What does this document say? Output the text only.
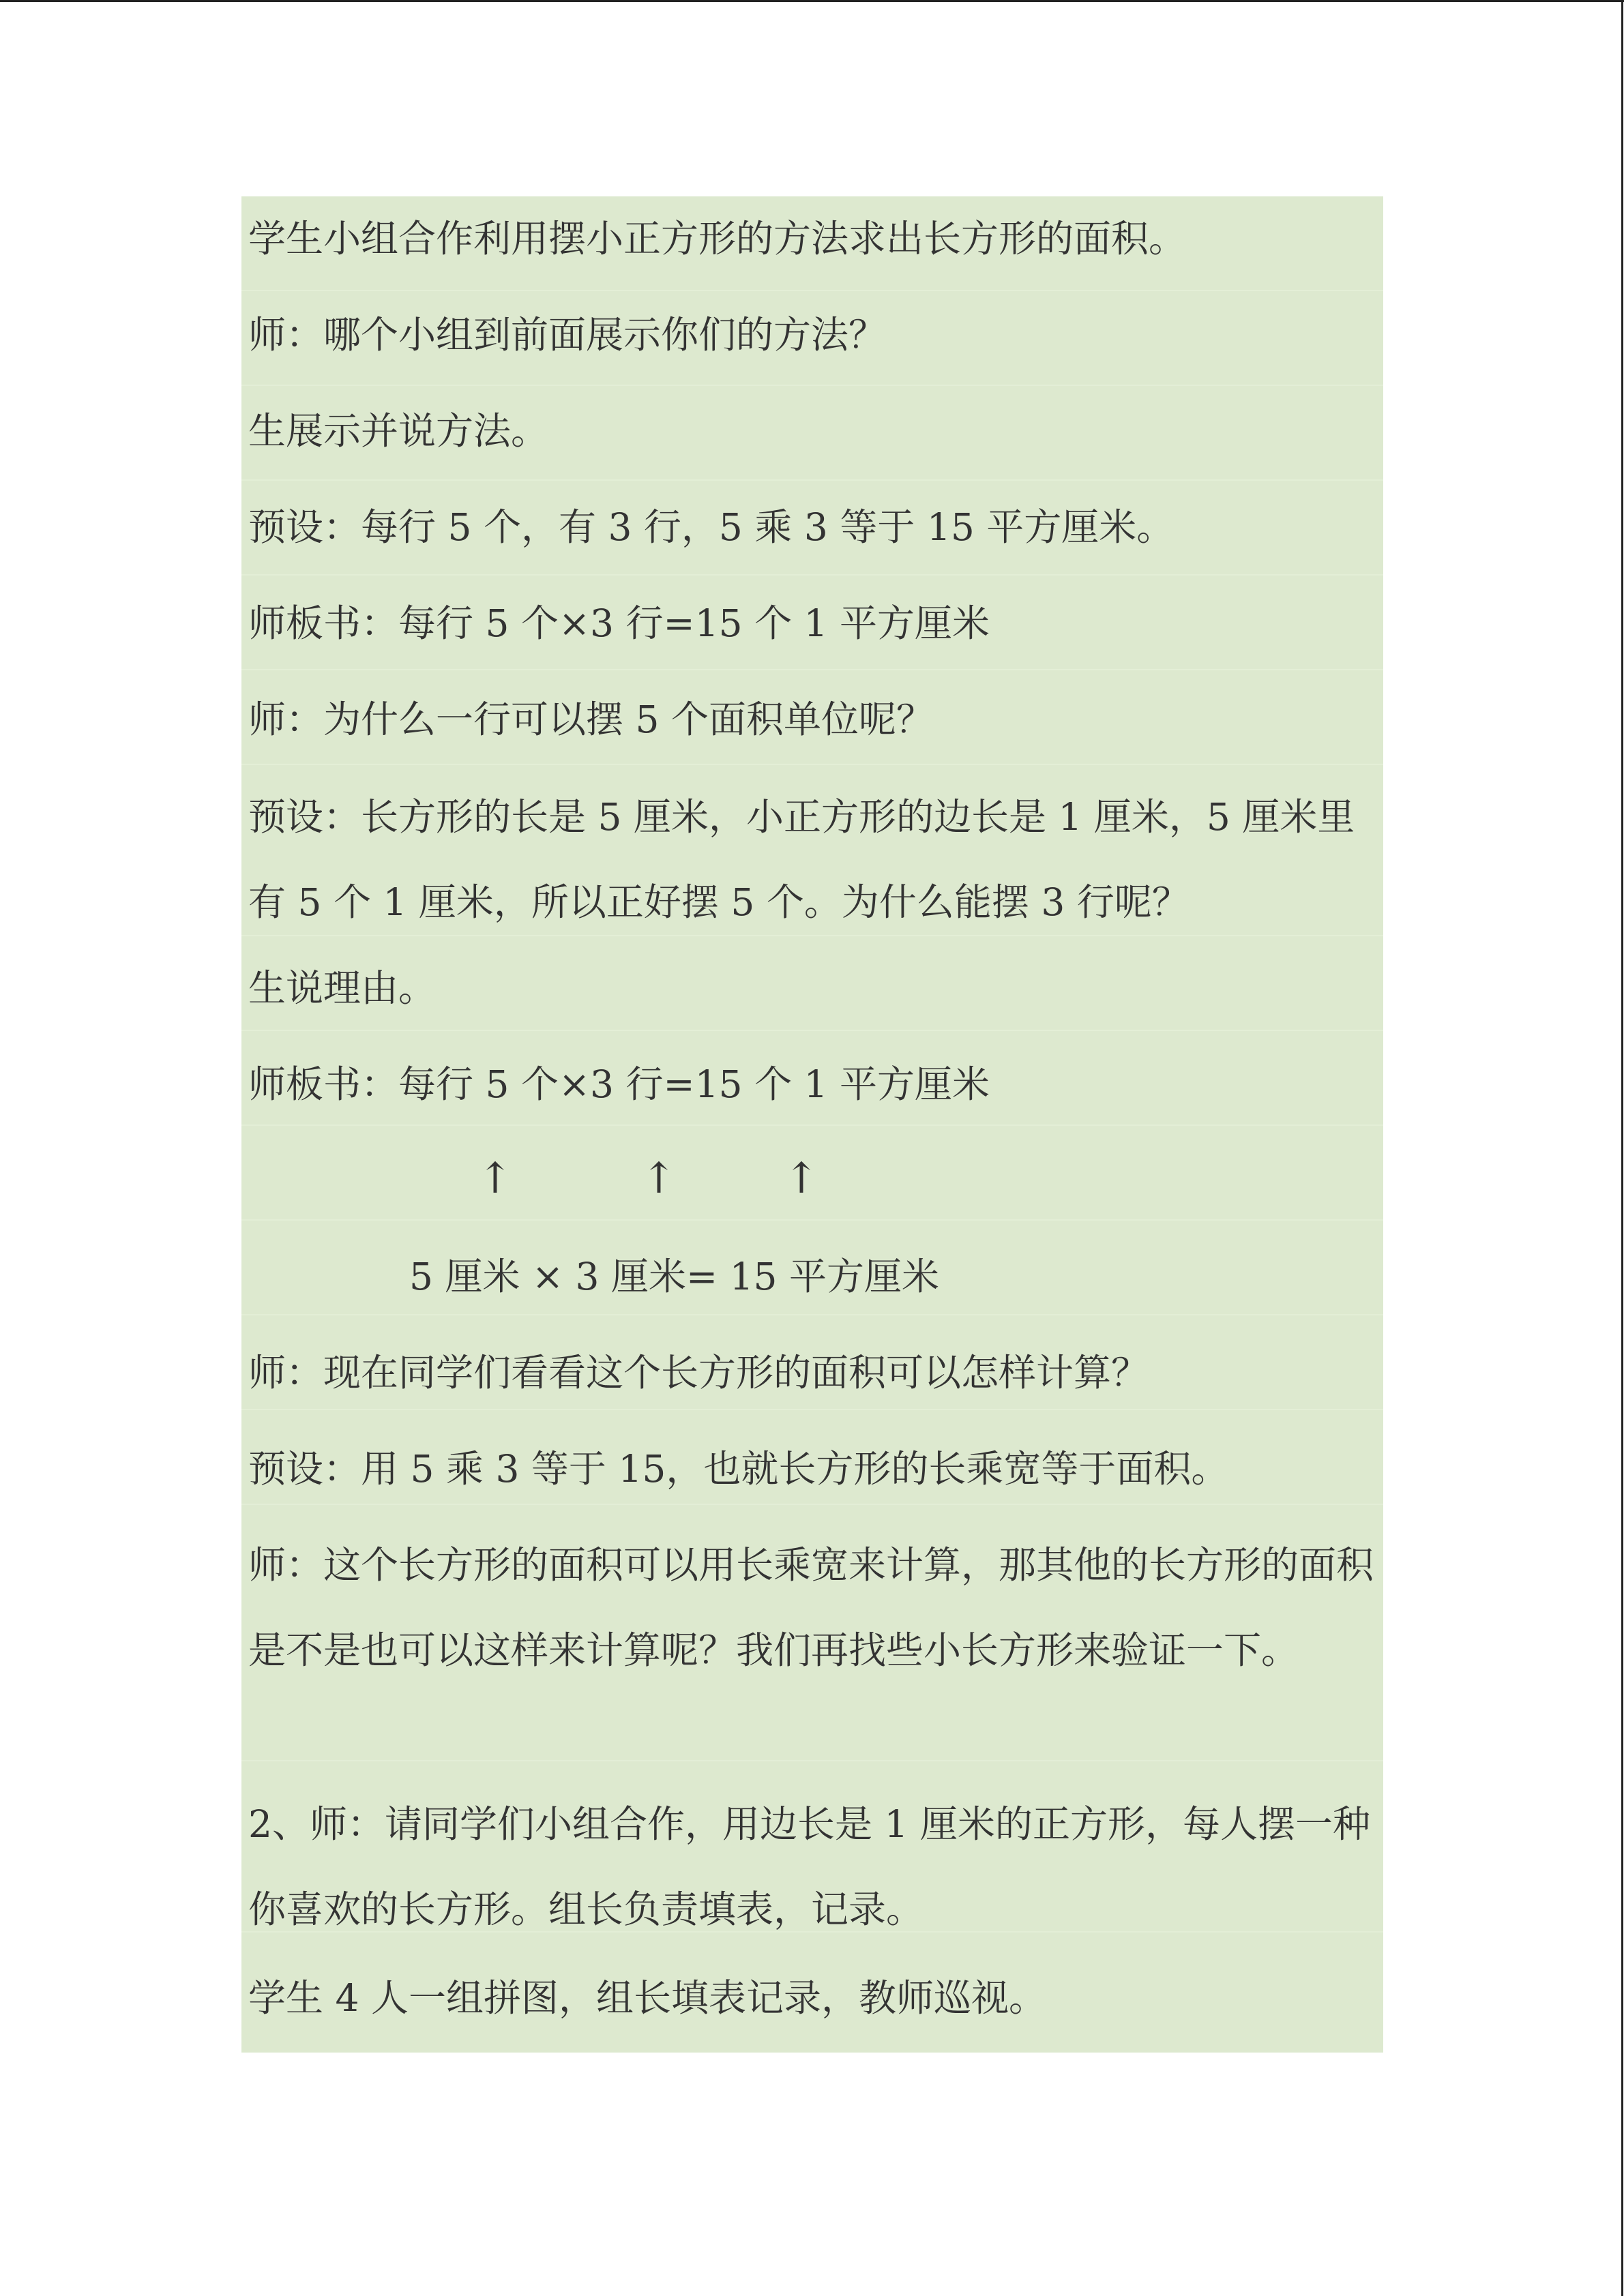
学生小组合作利用摆小正方形的方法求出长方形的面积。
师：哪个小组到前面展示你们的方法？
生展示并说方法。
预设：每行 5 个，有 3 行，5 乘 3 等于 15 平方厘米。
师板书：每行 5 个×3 行=15 个 1 平方厘米
师：为什么一行可以摆 5 个面积单位呢？
预设：长方形的长是 5 厘米，小正方形的边长是 1 厘米，5 厘米里有 5 个 1 厘米，所以正好摆 5 个。为什么能摆 3 行呢？
生说理由。
师板书：每行 5 个×3 行=15 个 1 平方厘米
↑	↑	↑
5 厘米 × 3 厘米= 15 平方厘米
师：现在同学们看看这个长方形的面积可以怎样计算？
预设：用 5 乘 3 等于 15，也就长方形的长乘宽等于面积。
师：这个长方形的面积可以用长乘宽来计算，那其他的长方形的面积是不是也可以这样来计算呢？我们再找些小长方形来验证一下。
2、师：请同学们小组合作，用边长是 1 厘米的正方形，每人摆一种你喜欢的长方形。组长负责填表，记录。
学生 4 人一组拼图，组长填表记录，教师巡视。
